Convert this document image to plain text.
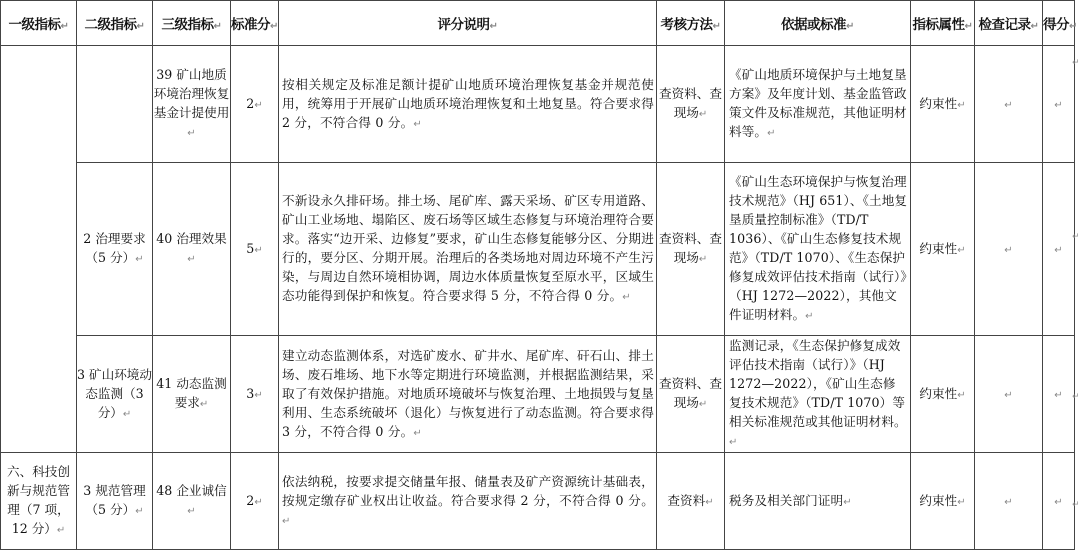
一级指标↵	二级指标↵	三级指标↵	标准分↵	评分说明↵	考核方法↵	依据或标准↵	指标属性↵	检查记录↵	得分↵
		39 矿山地质环境治理恢复基金计提使用↵	2↵	按相关规定及标准足额计提矿山地质环境治理恢复基金并规范使用，统筹用于开展矿山地质环境治理恢复和土地复垦。符合要求得 2 分，不符合得 0 分。↵	查资料、查现场↵	《矿山地质环境保护与土地复垦方案》及年度计划、基金监管政策文件及标准规范，其他证明材料等。↵	约束性↵	↵	↵
	2 治理要求（5 分）↵	40 治理效果↵	5↵	不新设永久排矸场。排土场、尾矿库、露天采场、矿区专用道路、矿山工业场地、塌陷区、废石场等区域生态修复与环境治理符合要求。落实“边开采、边修复”要求，矿山生态修复能够分区、分期进行的，要分区、分期开展。治理后的各类场地对周边环境不产生污染，与周边自然环境相协调，周边水体质量恢复至原水平，区域生态功能得到保护和恢复。符合要求得 5 分，不符合得 0 分。↵	查资料、查现场↵	《矿山生态环境保护与恢复治理技术规范》（HJ 651）、《土地复垦质量控制标准》（TD/T 1036）、《矿山生态修复技术规范》（TD/T 1070）、《生态保护修复成效评估技术指南（试行）》（HJ 1272—2022），其他文件证明材料。↵	约束性↵	↵	↵
	3 矿山环境动态监测（3 分）↵	41 动态监测要求↵	3↵	建立动态监测体系，对选矿废水、矿井水、尾矿库、矸石山、排土场、废石堆场、地下水等定期进行环境监测，并根据监测结果，采取了有效保护措施。对地质环境破坏与恢复治理、土地损毁与复垦利用、生态系统破坏（退化）与恢复进行了动态监测。符合要求得 3 分，不符合得 0 分。↵	查资料、查现场↵	监测记录，《生态保护修复成效评估技术指南（试行）》（HJ 1272—2022），《矿山生态修复技术规范》（TD/T 1070）等相关标准规范或其他证明材料。↵	约束性↵	↵	↵
六、科技创新与规范管理（7 项，12 分）↵	3 规范管理（5 分）↵	48 企业诚信↵	2↵	依法纳税，按要求提交储量年报、储量表及矿产资源统计基础表，按规定缴存矿业权出让收益。符合要求得 2 分，不符合得 0 分。↵	查资料↵	税务及相关部门证明↵	约束性↵	↵	↵
↵
↵
↵
↵
